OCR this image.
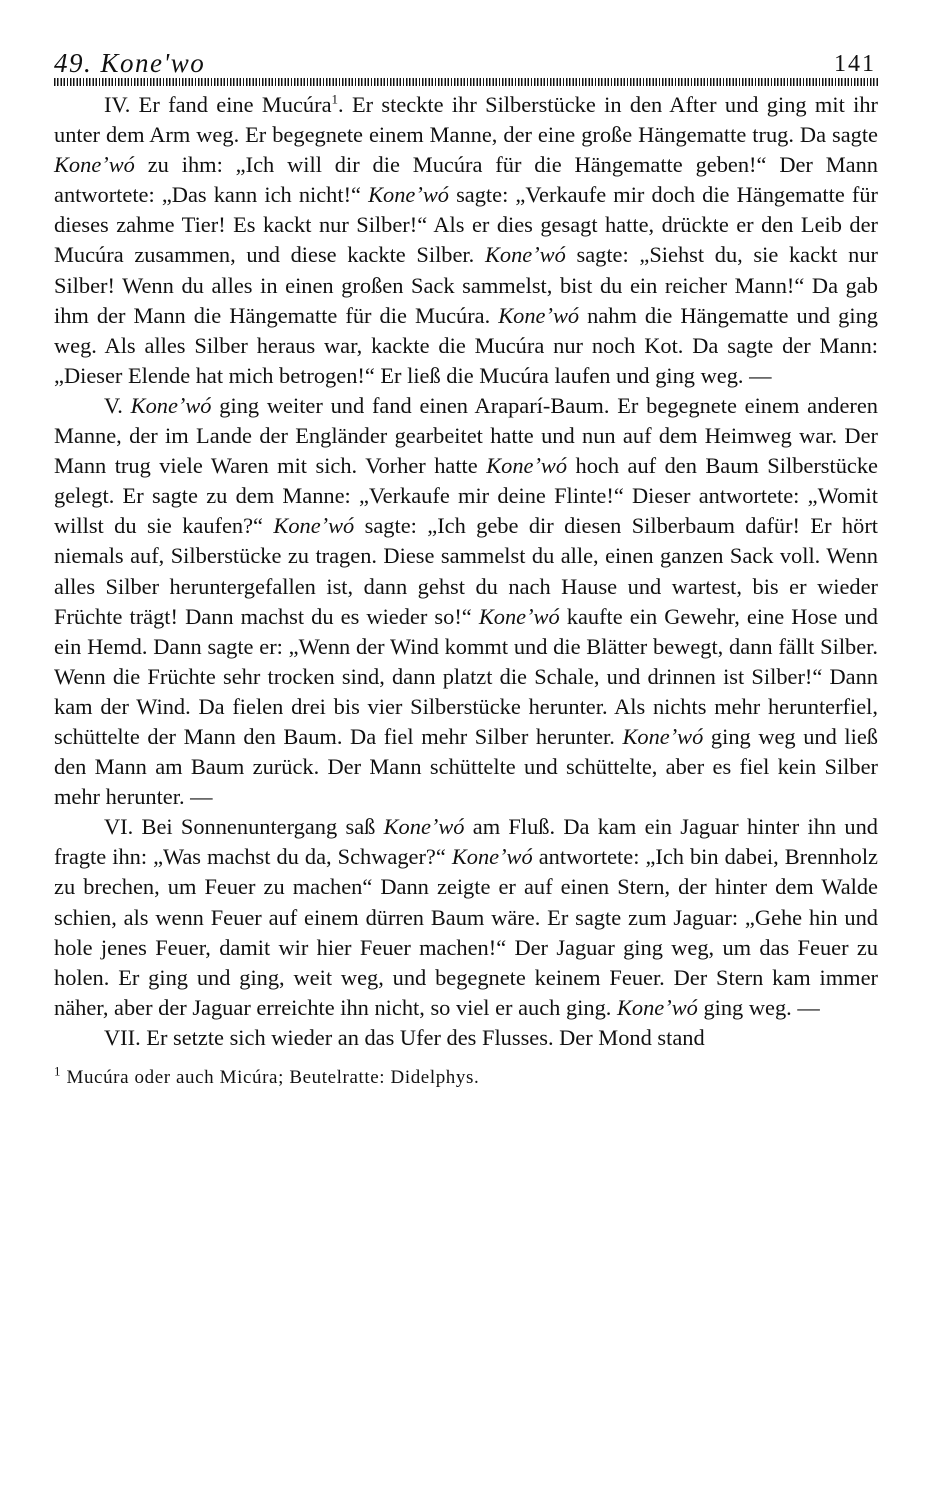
49. Kone'wo	141

IV. Er fand eine Mucúra$^1$. Er steckte ihr Silberstücke in den After und ging mit ihr unter dem Arm weg. Er begegnete einem Manne, der eine große Hängematte trug. Da sagte Koneʼwó zu ihm: „Ich will dir die Mucúra für die Hängematte geben!“ Der Mann antwortete: „Das kann ich nicht!“ Koneʼwó sagte: „Verkaufe mir doch die Hängematte für dieses zahme Tier! Es kackt nur Silber!“ Als er dies gesagt hatte, drückte er den Leib der Mucúra zusammen, und diese kackte Silber. Koneʼwó sagte: „Siehst du, sie kackt nur Silber! Wenn du alles in einen großen Sack sammelst, bist du ein reicher Mann!“ Da gab ihm der Mann die Hängematte für die Mucúra. Koneʼwó nahm die Hängematte und ging weg. Als alles Silber heraus war, kackte die Mucúra nur noch Kot. Da sagte der Mann: „Dieser Elende hat mich betrogen!“ Er ließ die Mucúra laufen und ging weg. —

V. Koneʼwó ging weiter und fand einen Araparí-Baum. Er begegnete einem anderen Manne, der im Lande der Engländer gearbeitet hatte und nun auf dem Heimweg war. Der Mann trug viele Waren mit sich. Vorher hatte Koneʼwó hoch auf den Baum Silberstücke gelegt. Er sagte zu dem Manne: „Verkaufe mir deine Flinte!“ Dieser antwortete: „Womit willst du sie kaufen?“ Koneʼwó sagte: „Ich gebe dir diesen Silberbaum dafür! Er hört niemals auf, Silberstücke zu tragen. Diese sammelst du alle, einen ganzen Sack voll. Wenn alles Silber heruntergefallen ist, dann gehst du nach Hause und wartest, bis er wieder Früchte trägt! Dann machst du es wieder so!“ Koneʼwó kaufte ein Gewehr, eine Hose und ein Hemd. Dann sagte er: „Wenn der Wind kommt und die Blätter bewegt, dann fällt Silber. Wenn die Früchte sehr trocken sind, dann platzt die Schale, und drinnen ist Silber!“ Dann kam der Wind. Da fielen drei bis vier Silberstücke herunter. Als nichts mehr herunterfiel, schüttelte der Mann den Baum. Da fiel mehr Silber herunter. Koneʼwó ging weg und ließ den Mann am Baum zurück. Der Mann schüttelte und schüttelte, aber es fiel kein Silber mehr herunter. —

VI. Bei Sonnenuntergang saß Koneʼwó am Fluß. Da kam ein Jaguar hinter ihn und fragte ihn: „Was machst du da, Schwager?“ Koneʼwó antwortete: „Ich bin dabei, Brennholz zu brechen, um Feuer zu machen“ Dann zeigte er auf einen Stern, der hinter dem Walde schien, als wenn Feuer auf einem dürren Baum wäre. Er sagte zum Jaguar: „Gehe hin und hole jenes Feuer, damit wir hier Feuer machen!“ Der Jaguar ging weg, um das Feuer zu holen. Er ging und ging, weit weg, und begegnete keinem Feuer. Der Stern kam immer näher, aber der Jaguar erreichte ihn nicht, so viel er auch ging. Koneʼwó ging weg. —

VII. Er setzte sich wieder an das Ufer des Flusses. Der Mond stand

$^1$ Mucúra oder auch Micúra; Beutelratte: Didelphys.
